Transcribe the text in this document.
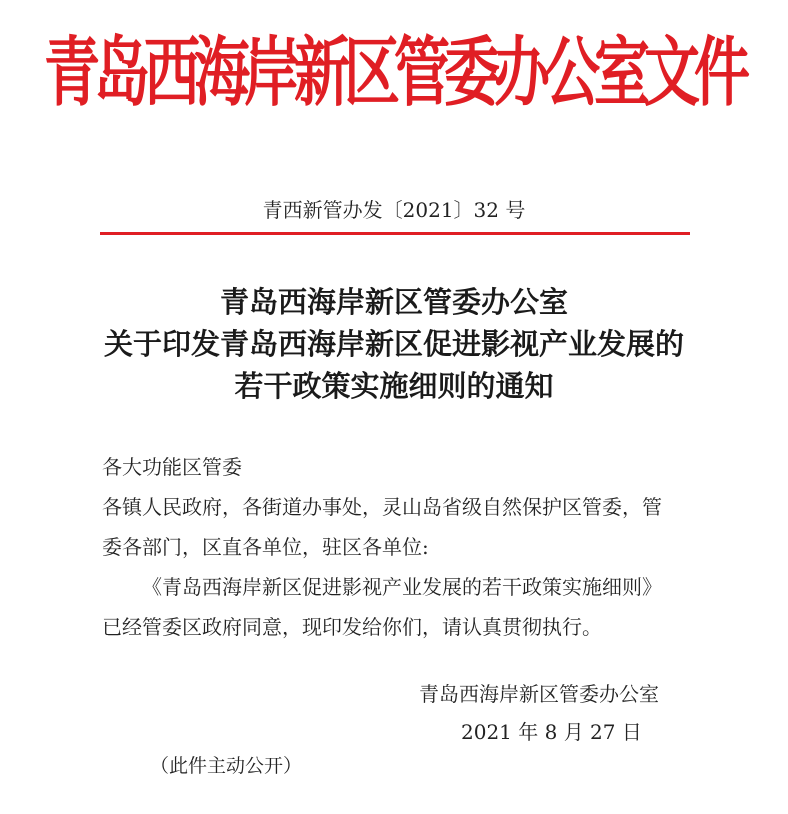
青岛西海岸新区管委办公室文件
青西新管办发〔2021〕32 号
青岛西海岸新区管委办公室
关于印发青岛西海岸新区促进影视产业发展的
若干政策实施细则的通知
各大功能区管委
各镇人民政府，各街道办事处，灵山岛省级自然保护区管委，管
委各部门，区直各单位，驻区各单位:
《青岛西海岸新区促进影视产业发展的若干政策实施细则》
已经管委区政府同意，现印发给你们，请认真贯彻执行。
青岛西海岸新区管委办公室
2021 年 8 月 27 日
（此件主动公开）
